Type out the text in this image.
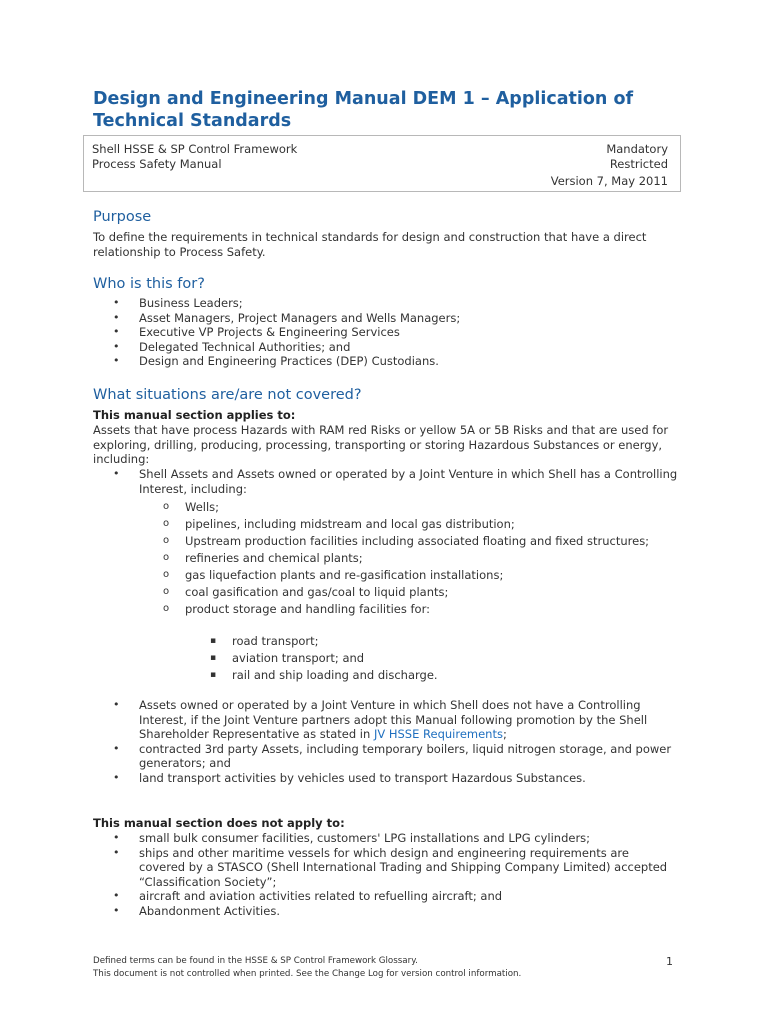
Design and Engineering Manual DEM 1 – Application of Technical Standards
Shell HSSE & SP Control Framework
Process Safety Manual
Mandatory
Restricted
Version 7, May 2011
Purpose
To define the requirements in technical standards for design and construction that have a direct relationship to Process Safety.
Who is this for?
• Business Leaders;
• Asset Managers, Project Managers and Wells Managers;
• Executive VP Projects & Engineering Services
• Delegated Technical Authorities; and
• Design and Engineering Practices (DEP) Custodians.
What situations are/are not covered?
This manual section applies to:
Assets that have process Hazards with RAM red Risks or yellow 5A or 5B Risks and that are used for exploring, drilling, producing, processing, transporting or storing Hazardous Substances or energy, including:
• Shell Assets and Assets owned or operated by a Joint Venture in which Shell has a Controlling Interest, including:
o Wells;
o pipelines, including midstream and local gas distribution;
o Upstream production facilities including associated floating and fixed structures;
o refineries and chemical plants;
o gas liquefaction plants and re-gasification installations;
o coal gasification and gas/coal to liquid plants;
o product storage and handling facilities for:
▪ road transport;
▪ aviation transport; and
▪ rail and ship loading and discharge.
• Assets owned or operated by a Joint Venture in which Shell does not have a Controlling Interest, if the Joint Venture partners adopt this Manual following promotion by the Shell Shareholder Representative as stated in JV HSSE Requirements;
• contracted 3rd party Assets, including temporary boilers, liquid nitrogen storage, and power generators; and
• land transport activities by vehicles used to transport Hazardous Substances.
This manual section does not apply to:
• small bulk consumer facilities, customers' LPG installations and LPG cylinders;
• ships and other maritime vessels for which design and engineering requirements are covered by a STASCO (Shell International Trading and Shipping Company Limited) accepted “Classification Society”;
• aircraft and aviation activities related to refuelling aircraft; and
• Abandonment Activities.
Defined terms can be found in the HSSE & SP Control Framework Glossary.
This document is not controlled when printed. See the Change Log for version control information.
1
